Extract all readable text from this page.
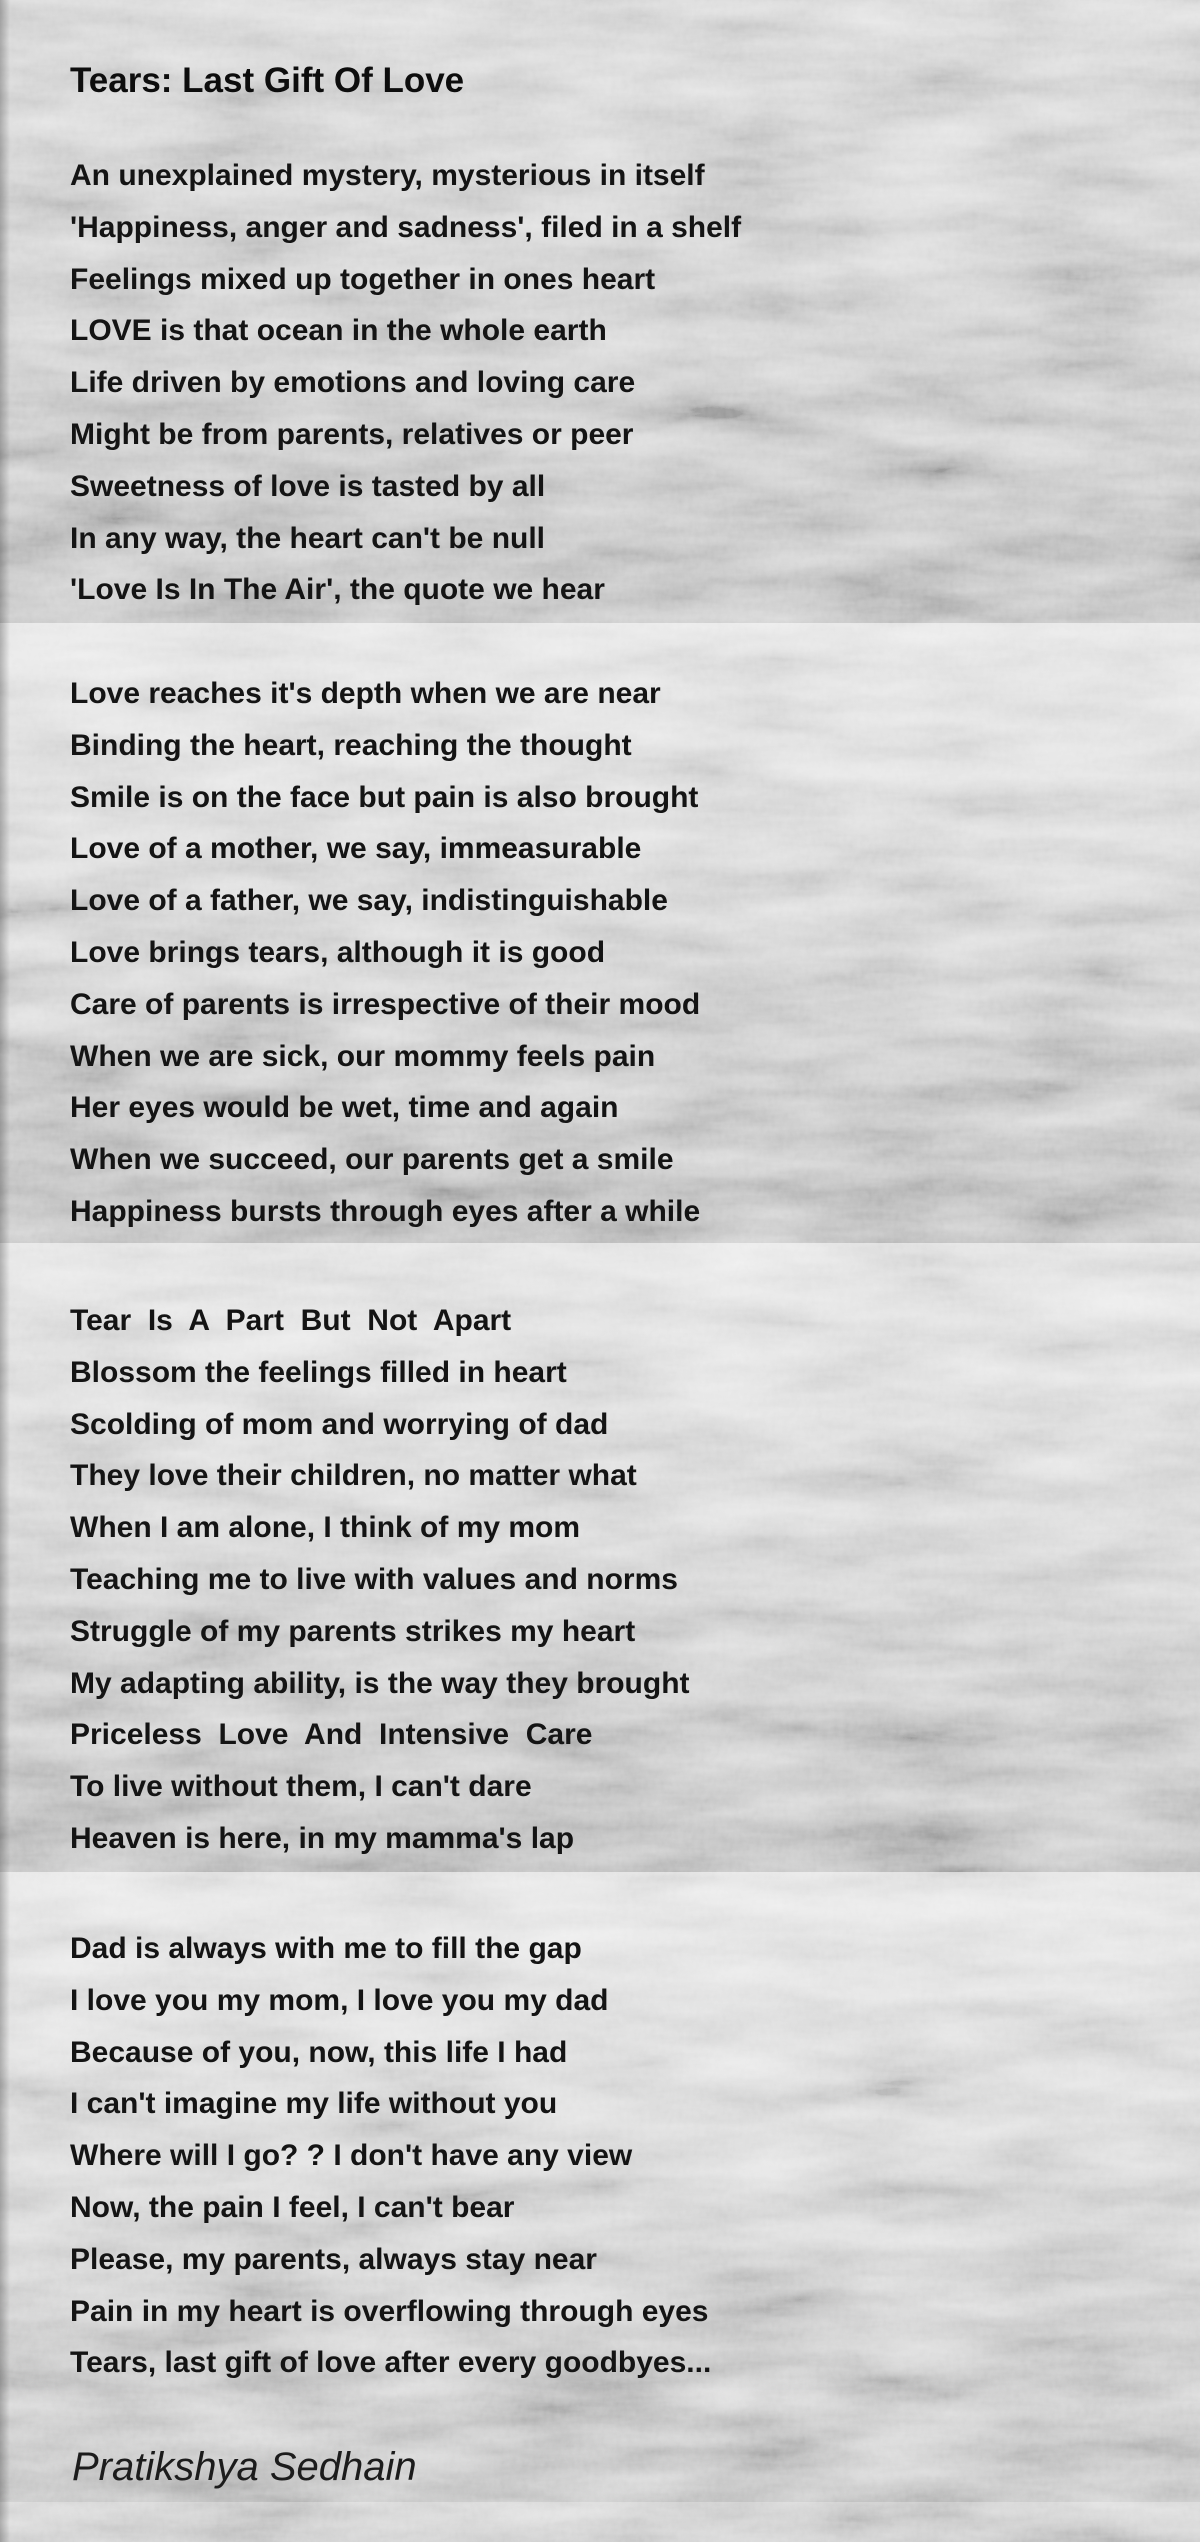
Tears: Last Gift Of Love
An unexplained mystery, mysterious in itself
'Happiness, anger and sadness', filed in a shelf
Feelings mixed up together in ones heart
LOVE is that ocean in the whole earth
Life driven by emotions and loving care
Might be from parents, relatives or peer
Sweetness of love is tasted by all
In any way, the heart can't be null
'Love Is In The Air', the quote we hear
Love reaches it's depth when we are near
Binding the heart, reaching the thought
Smile is on the face but pain is also brought
Love of a mother, we say, immeasurable
Love of a father, we say, indistinguishable
Love brings tears, although it is good
Care of parents is irrespective of their mood
When we are sick, our mommy feels pain
Her eyes would be wet, time and again
When we succeed, our parents get a smile
Happiness bursts through eyes after a while
Tear  Is  A  Part  But  Not  Apart
Blossom the feelings filled in heart
Scolding of mom and worrying of dad
They love their children, no matter what
When I am alone, I think of my mom
Teaching me to live with values and norms
Struggle of my parents strikes my heart
My adapting ability, is the way they brought
Priceless  Love  And  Intensive  Care
To live without them, I can't dare
Heaven is here, in my mamma's lap
Dad is always with me to fill the gap
I love you my mom, I love you my dad
Because of you, now, this life I had
I can't imagine my life without you
Where will I go? ? I don't have any view
Now, the pain I feel, I can't bear
Please, my parents, always stay near
Pain in my heart is overflowing through eyes
Tears, last gift of love after every goodbyes...
Pratikshya Sedhain
